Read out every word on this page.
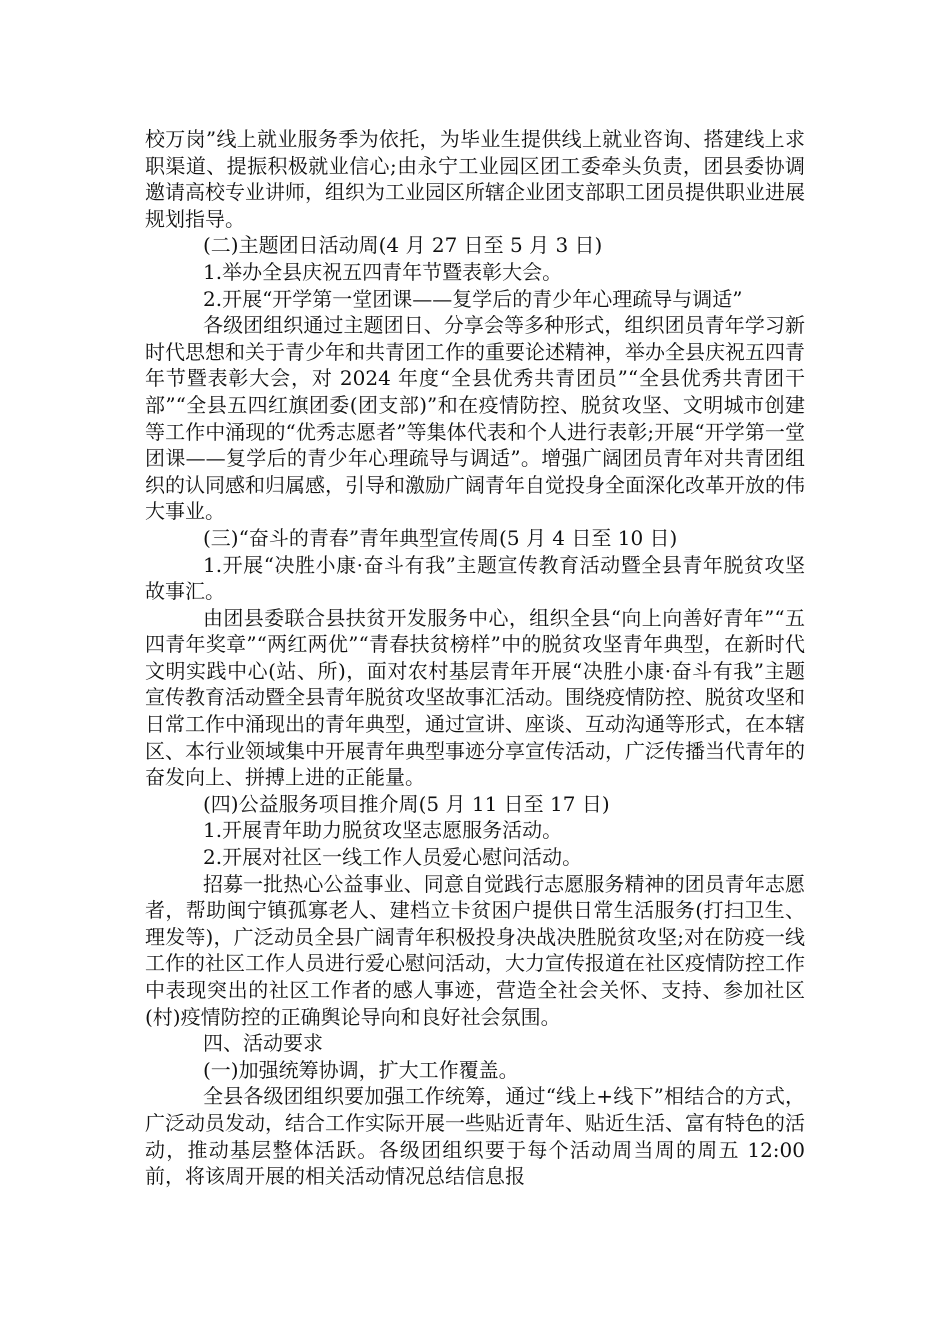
校万岗”线上就业服务季为依托，为毕业生提供线上就业咨询、搭建线上求职渠道、提振积极就业信心;由永宁工业园区团工委牵头负责，团县委协调邀请高校专业讲师，组织为工业园区所辖企业团支部职工团员提供职业进展规划指导。

(二)主题团日活动周(4 月 27 日至 5 月 3 日)

1.举办全县庆祝五四青年节暨表彰大会。

2.开展“开学第一堂团课——复学后的青少年心理疏导与调适”

各级团组织通过主题团日、分享会等多种形式，组织团员青年学习新时代思想和关于青少年和共青团工作的重要论述精神，举办全县庆祝五四青年节暨表彰大会，对 2024 年度“全县优秀共青团员”“全县优秀共青团干部”“全县五四红旗团委(团支部)”和在疫情防控、脱贫攻坚、文明城市创建等工作中涌现的“优秀志愿者”等集体代表和个人进行表彰;开展“开学第一堂团课——复学后的青少年心理疏导与调适”。增强广阔团员青年对共青团组织的认同感和归属感，引导和激励广阔青年自觉投身全面深化改革开放的伟大事业。

(三)“奋斗的青春”青年典型宣传周(5 月 4 日至 10 日)

1.开展“决胜小康·奋斗有我”主题宣传教育活动暨全县青年脱贫攻坚故事汇。

由团县委联合县扶贫开发服务中心，组织全县“向上向善好青年”“五四青年奖章”“两红两优”“青春扶贫榜样”中的脱贫攻坚青年典型，在新时代文明实践中心(站、所)，面对农村基层青年开展“决胜小康·奋斗有我”主题宣传教育活动暨全县青年脱贫攻坚故事汇活动。围绕疫情防控、脱贫攻坚和日常工作中涌现出的青年典型，通过宣讲、座谈、互动沟通等形式，在本辖区、本行业领域集中开展青年典型事迹分享宣传活动，广泛传播当代青年的奋发向上、拼搏上进的正能量。

(四)公益服务项目推介周(5 月 11 日至 17 日)

1.开展青年助力脱贫攻坚志愿服务活动。

2.开展对社区一线工作人员爱心慰问活动。

招募一批热心公益事业、同意自觉践行志愿服务精神的团员青年志愿者，帮助闽宁镇孤寡老人、建档立卡贫困户提供日常生活服务(打扫卫生、理发等)，广泛动员全县广阔青年积极投身决战决胜脱贫攻坚;对在防疫一线工作的社区工作人员进行爱心慰问活动，大力宣传报道在社区疫情防控工作中表现突出的社区工作者的感人事迹，营造全社会关怀、支持、参加社区(村)疫情防控的正确舆论导向和良好社会氛围。

四、活动要求

(一)加强统筹协调，扩大工作覆盖。

全县各级团组织要加强工作统筹，通过“线上+线下”相结合的方式，广泛动员发动，结合工作实际开展一些贴近青年、贴近生活、富有特色的活动，推动基层整体活跃。各级团组织要于每个活动周当周的周五 12:00 前，将该周开展的相关活动情况总结信息报
